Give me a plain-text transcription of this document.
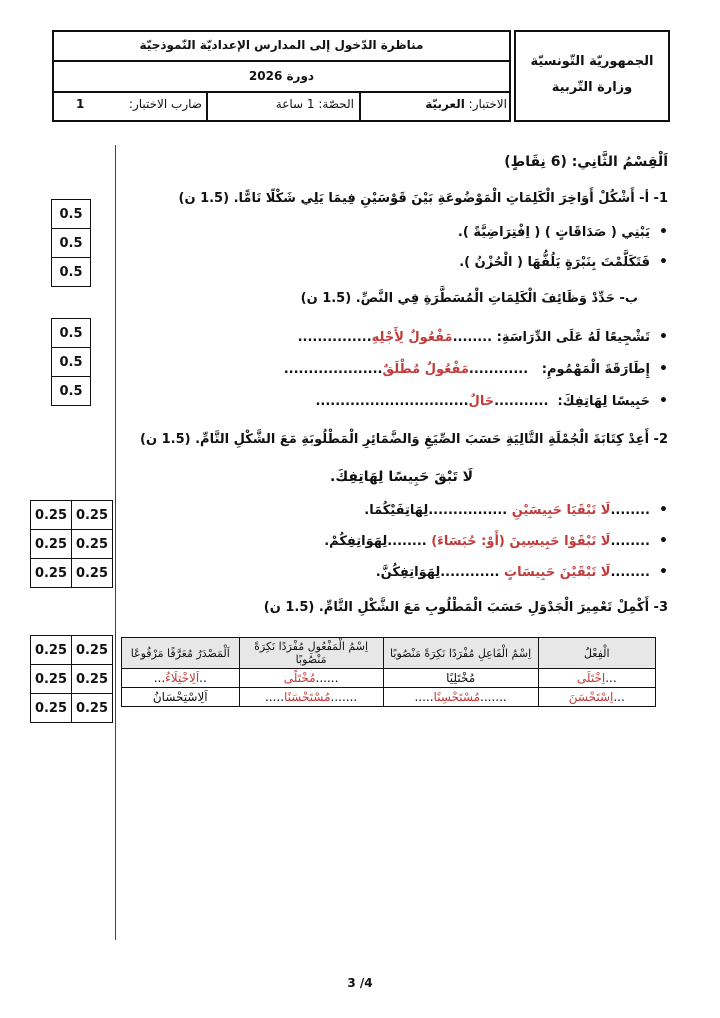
مناظرة الدّخول إلى المدارس الإعداديّة النّموذجيّة
دورة 2026
الاختبار: العربيّة
الحصّة: 1 ساعة
ضارب الاختبار:
1
الجمهوريّة التّونسيّة
وزارة التّربية
اَلْقِسْمُ الثَّانِي: (6 نِقَاطٍ)
1- أ- أَشْكُلْ أَوَاخِرَ الْكَلِمَاتِ الْمَوْضُوعَةِ بَيْنَ قَوْسَيْنِ فِيمَا يَلِي شَكْلًا تَامًّا. (1.5 ن)
•  يَبْنِي ( صَدَاقَاتٍ ) ( اِفْتِرَاضِيَّةً ).
•  فَتَكَلَّمْتَ بِنَبْرَةٍ يَلُفُّهَا ( الْحُزْنُ ).
0.5
0.5
0.5
ب- حَدِّدْ وَظَائِفَ الْكَلِمَاتِ الْمُسَطَّرَةِ فِي النَّصِّ. (1.5 ن)
•  تَشْجِيعًا لَهُ عَلَى الدِّرَاسَةِ: ........مَفْعُولٌ لِأَجْلِهِ...............
•  إِطَارَقَةَ الْمَهْمُومِ:   ............مَفْعُولٌ مُطْلَقٌ....................
•  حَبِيسًا لِهَاتِفِكَ:  ...........حَالٌ...............................
0.5
0.5
0.5
2- أَعِدْ كِتَابَةَ الْجُمْلَةِ التَّالِيَةِ حَسَبَ الصِّيَغِ وَالضَّمَائِرِ الْمَطْلُوبَةِ مَعَ الشَّكْلِ التَّامِّ. (1.5 ن)
لَا تَبْقَ حَبِيسًا لِهَاتِفِكَ.
•  ........لَا تَبْقَيَا حَبِيسَيْنِ ................لِهَاتِفَيْكُمَا.
•  ........لَا تَبْقَوْا حَبِيسِينَ (أَوْ: حُبَسَاءَ) ........لِهَوَاتِفِكُمْ.
•  ........لَا تَبْقَيْنَ حَبِيسَاتٍ ............لِهَوَاتِفِكُنَّ.
0.25 0.25
0.25 0.25
0.25 0.25
3- أَكْمِلْ تَعْمِيرَ الْجَدْوَلِ حَسَبَ الْمَطْلُوبِ مَعَ الشَّكْلِ التَّامِّ. (1.5 ن)
الْفِعْلُ	اِسْمُ الْفَاعِلِ مُفْرَدًا نَكِرَةً مَنْصُوبًا	اِسْمُ الْمَفْعُولِ مُفْرَدًا نَكِرَةً مَنْصُوبًا	اَلْمَصْدَرُ مُعَرَّفًا مَرْفُوعًا
...اِخْتَلَى	مُخْتَلِيًا	......مُخْتَلًى	..اَلِاخْتِلَاءُ...
...اِسْتَحْسَنَ	.......مُسْتَحْسِنًا.....	.......مُسْتَحْسَنًا.....	اَلِاسْتِحْسَانُ
0.25 0.25
0.25 0.25
0.25 0.25
3 /4
